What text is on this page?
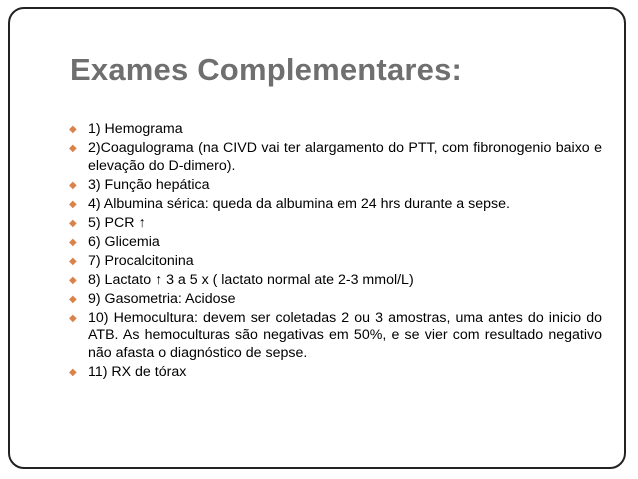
Exames Complementares:
◆ 1) Hemograma
◆ 2)Coagulograma (na CIVD vai ter alargamento do PTT, com fibronogenio baixo e elevação do D-dimero).
◆ 3) Função hepática
◆ 4) Albumina sérica: queda da albumina em 24 hrs durante a sepse.
◆ 5) PCR ↑
◆ 6) Glicemia
◆ 7) Procalcitonina
◆ 8) Lactato ↑ 3 a 5 x ( lactato normal ate 2-3 mmol/L)
◆ 9) Gasometria: Acidose
◆ 10) Hemocultura: devem ser coletadas 2 ou 3 amostras, uma antes do inicio do ATB. As hemoculturas são negativas em 50%, e se vier com resultado negativo não afasta o diagnóstico de sepse.
◆ 11) RX de tórax
